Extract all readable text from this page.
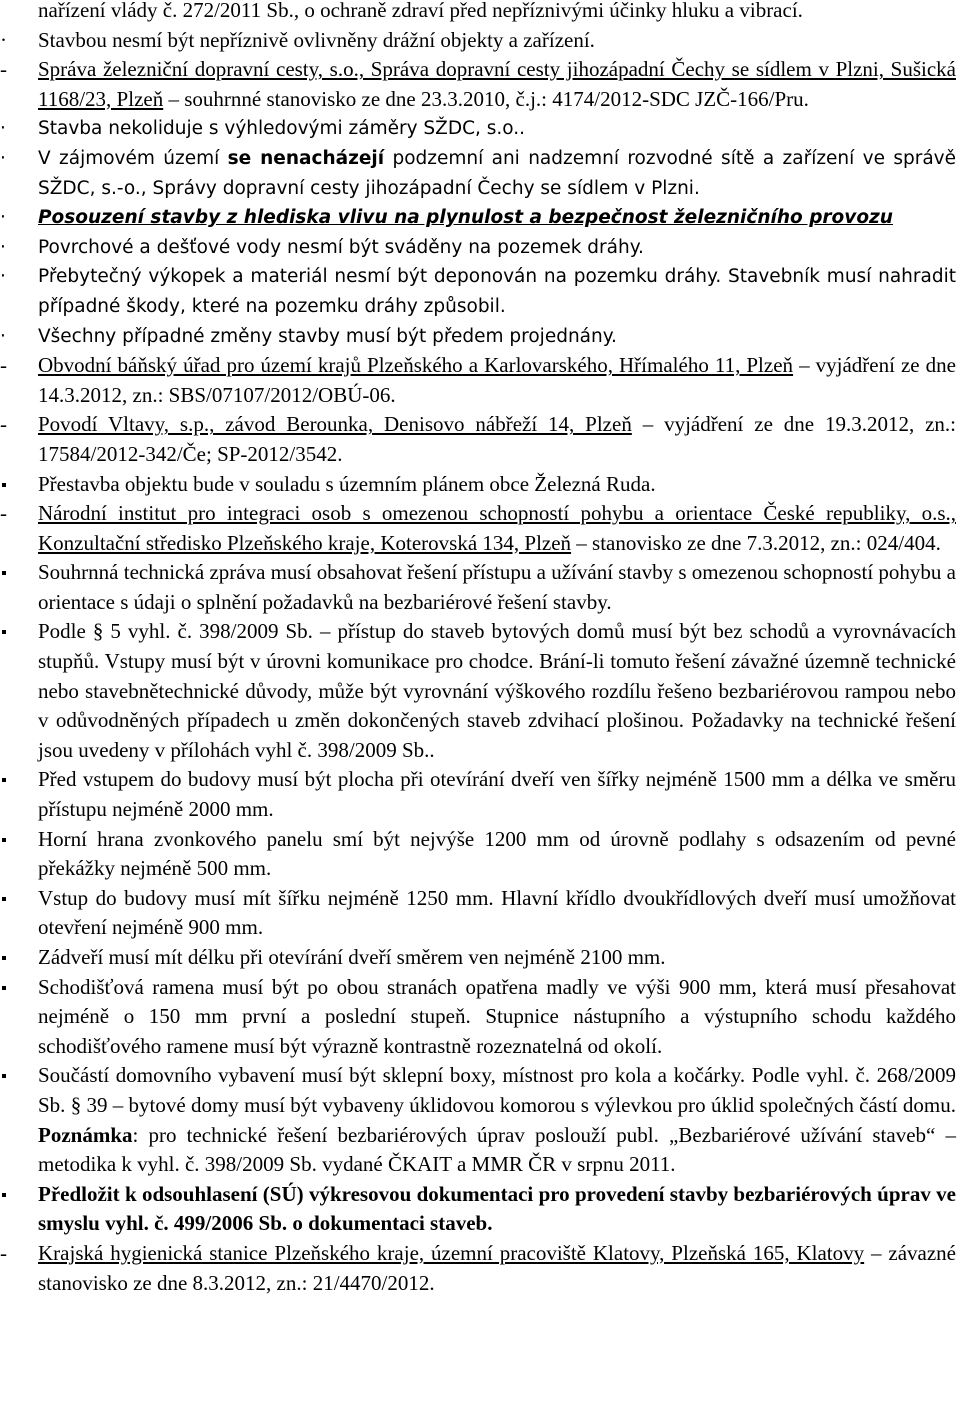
nařízení vlády č. 272/2011 Sb., o ochraně zdraví před nepříznivými účinky hluku a vibrací.
·
Stavbou nesmí být nepříznivě ovlivněny drážní objekty a zařízení.
-
Správa železniční dopravní cesty, s.o., Správa dopravní cesty jihozápadní Čechy se sídlem v Plzni, Sušická 1168/23, Plzeň – souhrnné stanovisko ze dne 23.3.2010, č.j.: 4174/2012-SDC JZČ-166/Pru.
·
Stavba nekoliduje s výhledovými záměry SŽDC, s.o..
·
V zájmovém území se nenacházejí podzemní ani nadzemní rozvodné sítě a zařízení ve správě SŽDC, s.-o., Správy dopravní cesty jihozápadní Čechy se sídlem v Plzni.
·
Posouzení stavby z hlediska vlivu na plynulost a bezpečnost železničního provozu
·
Povrchové a dešťové vody nesmí být sváděny na pozemek dráhy.
·
Přebytečný výkopek a materiál nesmí být deponován na pozemku dráhy. Stavebník musí nahradit případné škody, které na pozemku dráhy způsobil.
·
Všechny případné změny stavby musí být předem projednány.
-
Obvodní báňský úřad pro území krajů Plzeňského a Karlovarského, Hřímalého 11, Plzeň – vyjádření ze dne 14.3.2012, zn.: SBS/07107/2012/OBÚ-06.
-
Povodí Vltavy, s.p., závod Berounka, Denisovo nábřeží 14, Plzeň – vyjádření ze dne 19.3.2012, zn.: 17584/2012-342/Če; SP-2012/3542.
Přestavba objektu bude v souladu s územním plánem obce Železná Ruda.
-
Národní institut pro integraci osob s omezenou schopností pohybu a orientace České republiky, o.s., Konzultační středisko Plzeňského kraje, Koterovská 134, Plzeň – stanovisko ze dne 7.3.2012, zn.: 024/404.
Souhrnná technická zpráva musí obsahovat řešení přístupu a užívání stavby s omezenou schopností pohybu a orientace s údaji o splnění požadavků na bezbariérové řešení stavby.
Podle § 5 vyhl. č. 398/2009 Sb. – přístup do staveb bytových domů musí být bez schodů a vyrovnávacích stupňů. Vstupy musí být v úrovni komunikace pro chodce. Brání-li tomuto řešení závažné územně technické nebo stavebnětechnické důvody, může být vyrovnání výškového rozdílu řešeno bezbariérovou rampou nebo v odůvodněných případech u změn dokončených staveb zdvihací plošinou. Požadavky na technické řešení jsou uvedeny v přílohách vyhl č. 398/2009 Sb..
Před vstupem do budovy musí být plocha při otevírání dveří ven šířky nejméně 1500 mm a délka ve směru přístupu nejméně 2000 mm.
Horní hrana zvonkového panelu smí být nejvýše 1200 mm od úrovně podlahy s odsazením od pevné překážky nejméně 500 mm.
Vstup do budovy musí mít šířku nejméně 1250 mm. Hlavní křídlo dvoukřídlových dveří musí umožňovat otevření nejméně 900 mm.
Zádveří musí mít délku při otevírání dveří směrem ven nejméně 2100 mm.
Schodišťová ramena musí být po obou stranách opatřena madly ve výši 900 mm, která musí přesahovat nejméně o 150 mm první a poslední stupeň. Stupnice nástupního a výstupního schodu každého schodišťového ramene musí být výrazně kontrastně rozeznatelná od okolí.
Součástí domovního vybavení musí být sklepní boxy, místnost pro kola a kočárky. Podle vyhl. č. 268/2009 Sb. § 39 – bytové domy musí být vybaveny úklidovou komorou s výlevkou pro úklid společných částí domu. Poznámka: pro technické řešení bezbariérových úprav poslouží publ. „Bezbariérové užívání staveb“ – metodika k vyhl. č. 398/2009 Sb. vydané ČKAIT a MMR ČR v srpnu 2011.
Předložit k odsouhlasení (SÚ) výkresovou dokumentaci pro provedení stavby bezbariérových úprav ve smyslu vyhl. č. 499/2006 Sb. o dokumentaci staveb.
-
Krajská hygienická stanice Plzeňského kraje, územní pracoviště Klatovy, Plzeňská 165, Klatovy – závazné stanovisko ze dne 8.3.2012, zn.: 21/4470/2012.
